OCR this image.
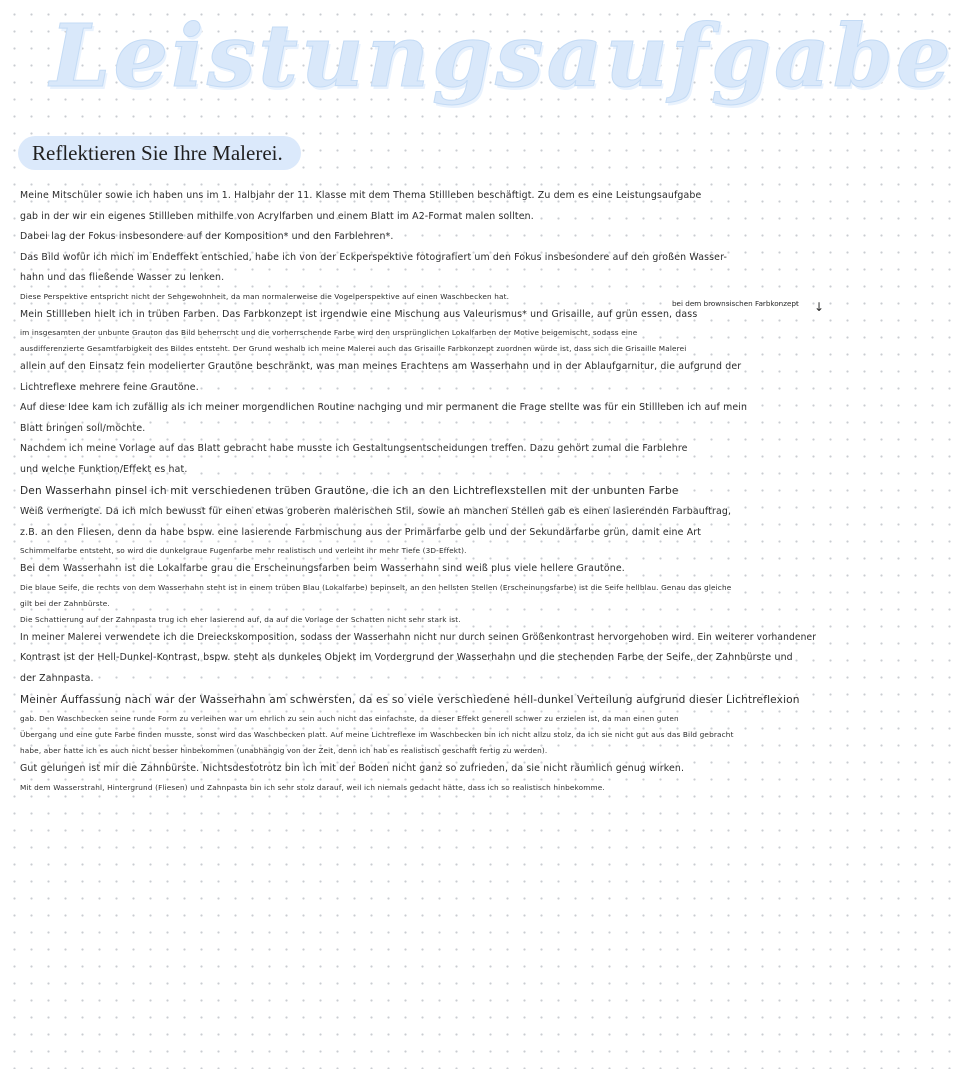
Leistungsaufgabe
Reflektieren Sie Ihre Malerei.
bei dem brownsischen Farbkonzept ↓
Meine Mitschüler sowie ich haben uns im 1. Halbjahr der 11. Klasse mit dem Thema Stillleben beschäftigt. Zu dem es eine Leistungsaufgabe
gab in der wir ein eigenes Stillleben mithilfe von Acrylfarben und einem Blatt im A2-Format malen sollten.
Dabei lag der Fokus insbesondere auf der Komposition* und den Farblehren*.
Das Bild wofür ich mich im Endeffekt entschied, habe ich von der Eckperspektive fotografiert um den Fokus insbesondere auf den großen Wasser-
hahn und das fließende Wasser zu lenken.
Diese Perspektive entspricht nicht der Sehgewohnheit, da man normalerweise die Vogelperspektive auf einen Waschbecken hat.
Mein Stillleben hielt ich in trüben Farben. Das Farbkonzept ist irgendwie eine Mischung aus Valeurismus* und Grisaille, auf grün essen, dass
im insgesamten der unbunte Grauton das Bild beherrscht und die vorherrschende Farbe wird den ursprünglichen Lokalfarben der Motive beigemischt, sodass eine
ausdifferenzierte Gesamtfarbigkeit des Bildes entsteht. Der Grund weshalb ich meine Malerei auch das Grisaille Farbkonzept zuordnen würde ist, dass sich die Grisaille Malerei
allein auf den Einsatz fein modelierter Grautöne beschränkt, was man meines Erachtens am Wasserhahn und in der Ablaufgarnitur, die aufgrund der
Lichtreflexe mehrere feine Grautöne.
Auf diese Idee kam ich zufällig als ich meiner morgendlichen Routine nachging und mir permanent die Frage stellte was für ein Stillleben ich auf mein
Blatt bringen soll/möchte.
Nachdem ich meine Vorlage auf das Blatt gebracht habe musste ich Gestaltungsentscheidungen treffen. Dazu gehört zumal die Farblehre
und welche Funktion/Effekt es hat.
Den Wasserhahn pinsel ich mit verschiedenen trüben Grautöne, die ich an den Lichtreflexstellen mit der unbunten Farbe
Weiß vermengte. Da ich mich bewusst für einen etwas groberen malerischen Stil, sowie an manchen Stellen gab es einen lasierenden Farbauftrag,
z.B. an den Fliesen, denn da habe bspw. eine lasierende Farbmischung aus der Primärfarbe gelb und der Sekundärfarbe grün, damit eine Art
Schimmelfarbe entsteht, so wird die dunkelgraue Fugenfarbe mehr realistisch und verleiht ihr mehr Tiefe (3D-Effekt).
Bei dem Wasserhahn ist die Lokalfarbe grau die Erscheinungsfarben beim Wasserhahn sind weiß plus viele hellere Grautöne.
Die blaue Seife, die rechts von dem Wasserhahn steht ist in einem trüben Blau (Lokalfarbe) bepinselt, an den hellsten Stellen (Erscheinungsfarbe) ist die Seife hellblau. Genau das gleiche
gilt bei der Zahnbürste.
Die Schattierung auf der Zahnpasta trug ich eher lasierend auf, da auf die Vorlage der Schatten nicht sehr stark ist.
In meiner Malerei verwendete ich die Dreieckskomposition, sodass der Wasserhahn nicht nur durch seinen Größenkontrast hervorgehoben wird. Ein weiterer vorhandener
Kontrast ist der Hell-Dunkel-Kontrast, bspw. steht als dunkeles Objekt im Vordergrund der Wasserhahn und die stechenden Farbe der Seife, der Zahnbürste und
der Zahnpasta.
Meiner Auffassung nach war der Wasserhahn am schwersten, da es so viele verschiedene hell-dunkel Verteilung aufgrund dieser Lichtreflexion
gab. Den Waschbecken seine runde Form zu verleihen war um ehrlich zu sein auch nicht das einfachste, da dieser Effekt generell schwer zu erzielen ist, da man einen guten
Übergang und eine gute Farbe finden musste, sonst wird das Waschbecken platt. Auf meine Lichtreflexe im Waschbecken bin ich nicht allzu stolz, da ich sie nicht gut aus das Bild gebracht
habe, aber hatte ich es auch nicht besser hinbekommen (unabhängig von der Zeit, denn ich hab es realistisch geschafft fertig zu werden).
Gut gelungen ist mir die Zahnbürste. Nichtsdestotrotz bin ich mit der Boden nicht ganz so zufrieden, da sie nicht räumlich genug wirken.
Mit dem Wasserstrahl, Hintergrund (Fliesen) und Zahnpasta bin ich sehr stolz darauf, weil ich niemals gedacht hätte, dass ich so realistisch hinbekomme.
